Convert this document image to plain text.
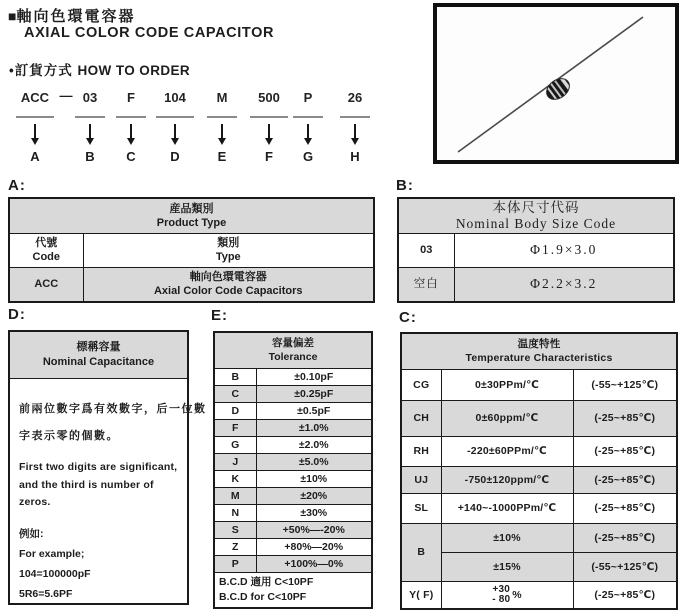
■軸向色環電容器
AXIAL COLOR CODE CAPACITOR
•訂貨方式 HOW TO ORDER
—
ACC
A
03
B
F
C
104
D
M
E
500
F
P
G
26
H
A:
産品類別
Product Type	

代號
Code

類別
Type

ACC	軸向色環電容器
Axial Color Code Capacitors
B:
本体尺寸代码
Nominal Body Size Code	

03	Φ1.9×3.0
空白	Φ2.2×3.2
D:
標稱容量
Nominal Capacitance
前兩位數字爲有效數字，后一位數
字表示零的個數。
First two digits are significant,
and the third is number of
zeros.
例如:
For example;
104=100000pF
5R6=5.6PF
E:
容量偏差
Tolerance	

B	±0.10pF
C	±0.25pF
D	±0.5pF
F	±1.0%
G	±2.0%
J	±5.0%
K	±10%
M	±20%
N	±30%
S	+50%—-20%
Z	+80%—20%
P	+100%—0%

B.C.D 適用 C<10PF
B.C.D for C<10PF	
C:
温度特性
Temperature Characteristics		

CG	0±30PPm/℃	(-55~+125℃)
CH	0±60ppm/℃	(-25~+85℃)
RH	-220±60PPm/℃	(-25~+85℃)
UJ	-750±120ppm/℃	(-25~+85℃)
SL	+140~-1000PPm/℃	(-25~+85℃)
B	±10%	(-25~+85℃)
	±15%	(-55~+125℃)
Y( F)	+30
- 80 %	(-25~+85℃)
